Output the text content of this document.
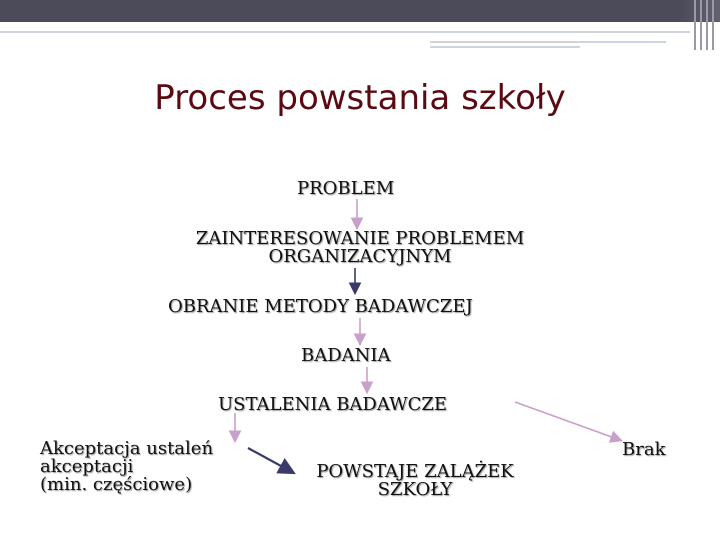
Proces powstania szkoły
PROBLEM
ZAINTERESOWANIE PROBLEMEM
ORGANIZACYJNYM
OBRANIE METODY BADAWCZEJ
BADANIA
USTALENIA BADAWCZE
Akceptacja ustaleń
akceptacji
(min. częściowe)
POWSTAJE ZALĄŻEK
SZKOŁY
Brak
